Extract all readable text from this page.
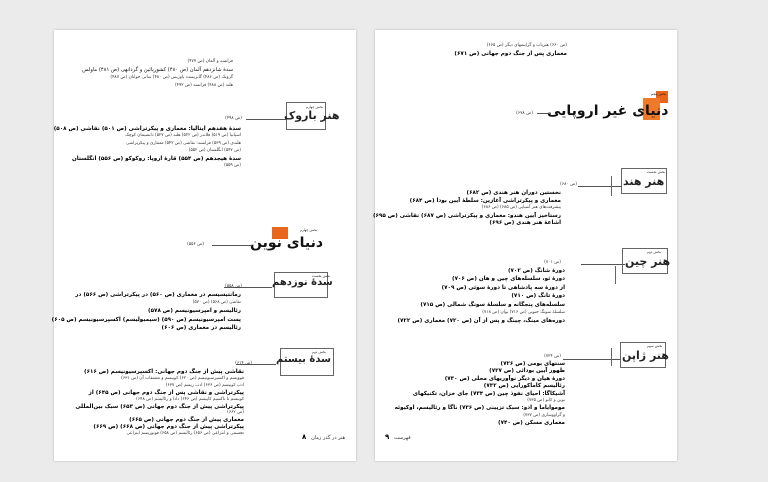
فرانسه و آلمان (ص ۴۷۷)
سدهٔ شانزدهم آلمان (ص ۴۸۰) کشورپائین و گردانهی (ص ۴۸۱) ماولس
گزوتک (ص ۴۸۶) گابریست پاورنس (ص ۴۸۰) ساتی جوانان (ص ۴۸۷)
هلند (ص ۴۸۸) فرانسه (ص ۴۹۲)
بخش چهارم
هنر باروک
(ص ۴۹۸)
سدهٔ هفدهم ایتالیا: معماری و پیکرتراشی (ص ۵۰۱) نقاشی (ص ۵۰۸)
اسپانیا (ص ۵۱۹) فلاندر (ص ۵۲۲) هلند (ص ۵۲۷) دانشیمان کوچک
هلندی (ص ۵۳۹) فرانسه: نقاشی (ص ۵۴۲) معماری و پیکرتراشی
(ص ۵۴۷) انگلستان (ص ۵۵۲)
سدهٔ هیجدهم (ص ۵۵۴) قارهٔ اروپا: روکوکو (ص ۵۵۶) انگلستان
(ص ۵۵۹)
بخش چهارم
دنیای نوین
(ص ۵۵۶)
بخش نخست
سدهٔ نوزدهم
(ص ۵۵۸)
رمانتیسیسم در معماری (ص ۵۶۰) در پیکرتراشی (ص ۵۶۶) در
نقاشی (ص ۵۶۸) (ص ۵۷۰)
رئالیسم و امپرسیونیسم (ص ۵۷۸)
پست امپرسیونیسم (ص ۵۹۰) (سیمبولیسم) اکسپرسیونیسم (ص ۶۰۵)
رئالیسم در معماری (ص ۶۰۶)
بخش دوم
سدهٔ بیستم
(ص ۶۱۴)
نقاشی پیش از جنگ دوم جهانی: اکسپرسیونیسم (ص ۶۱۶)
فوویسم و اکسپرسیونیسم (ص ۶۲۰) کوبیسم و مشتقات آن (ص ۶۳۱)
ادب کوبیسم (ص ۶۳۶) ادب ریسم (ص ۶۳۷)
پیکرتراشی و نقاشی پس از جنگ دوم جهانی (ص ۶۴۵) از
کوبیسم تا تاکسیم کاپیسم (ص ۶۴۶) دادا و رئالیسم (ص ۶۴۸)
پیکرتراشی پیش از جنگ دوم جهانی (ص ۶۵۳) سبک بین‌المللی
(ص ۶۶۲)
معماری پیش از جنگ دوم جهانی (ص ۶۶۵)
پیکرتراشی پیش از جنگ دوم جهانی (ص ۶۶۸) (ص ۶۶۹)
تجسمی و انتزاعی (ص ۶۵۶) رئالیسم (ص ۶۵۸) فوتوریسم انتزاعی
هنر در گذر زمان   ۸
(ص ۶۶۰) هنرباب و گرایشهای دیگر (ص ۶۶۵)
معماری پس از جنگ دوم جهانی (ص ۶۷۱)
بخش پنجم
دنیای غیر اروپایی
(ص ۶۷۸)
بخش نخست
هنر هند
(ص ۶۸۰)
نخستین دوران هنر هندی (ص ۶۸۲)
معماری و پیکرتراشی آغازین: سلطهٔ آیین بودا (ص ۶۸۴)
پیشرفت‌های هنر آسیایی (ص ۶۸۵) (ص ۶۸۶)
رستاخیز آیین هندو: معماری و پیکرتراشی (ص ۶۸۷) نقاشی (ص ۶۹۵)
اشاعهٔ هنر هندی (ص ۶۹۶)
بخش دوم
هنر چین
(ص ۷۰۱)
دورهٔ شانگ (ص ۷۰۲)
دورهٔ ثو، سلسله‌های چین و هان (ص ۷۰۶)
از دورهٔ سه پادشاهی تا دورهٔ سوئی (ص ۷۰۹)
دورهٔ تانگ (ص ۷۱۰)
سلسله‌های پنجگانه و سلسلهٔ سونگ شمالی (ص ۷۱۵)
سلسلهٔ سونگ جنوبی (ص ۷۱۶) یوان (ص ۷۱۸)
دوره‌های مینگ، چینگ و پس از آن (ص ۷۲۰) معماری (ص ۷۲۲)
بخش سوم
هنر ژاپن
(ص ۷۲۴)
سنتهای بومی (ص ۷۲۶)
ظهور آیین بودائی (ص ۷۲۷)
دورهٔ هیان و دیگر نوآوریهای محلی (ص ۷۳۰)
رئالیسم کاماکورایی (ص ۷۳۲)
آشیکاگا: احیای نفوذ چین (ص ۷۳۴) جای خزان، تکنیکهای
نوین و کانو (ص ۷۳۵)
موموایاما و ادو: سبک تزیینی (ص ۷۳۶) ناگا و رئالیسم، اوکیوئه
و گراووسازی (ص ۷۳۷)
معماری مسکن (ص ۷۴۰)
۹ فهرست
